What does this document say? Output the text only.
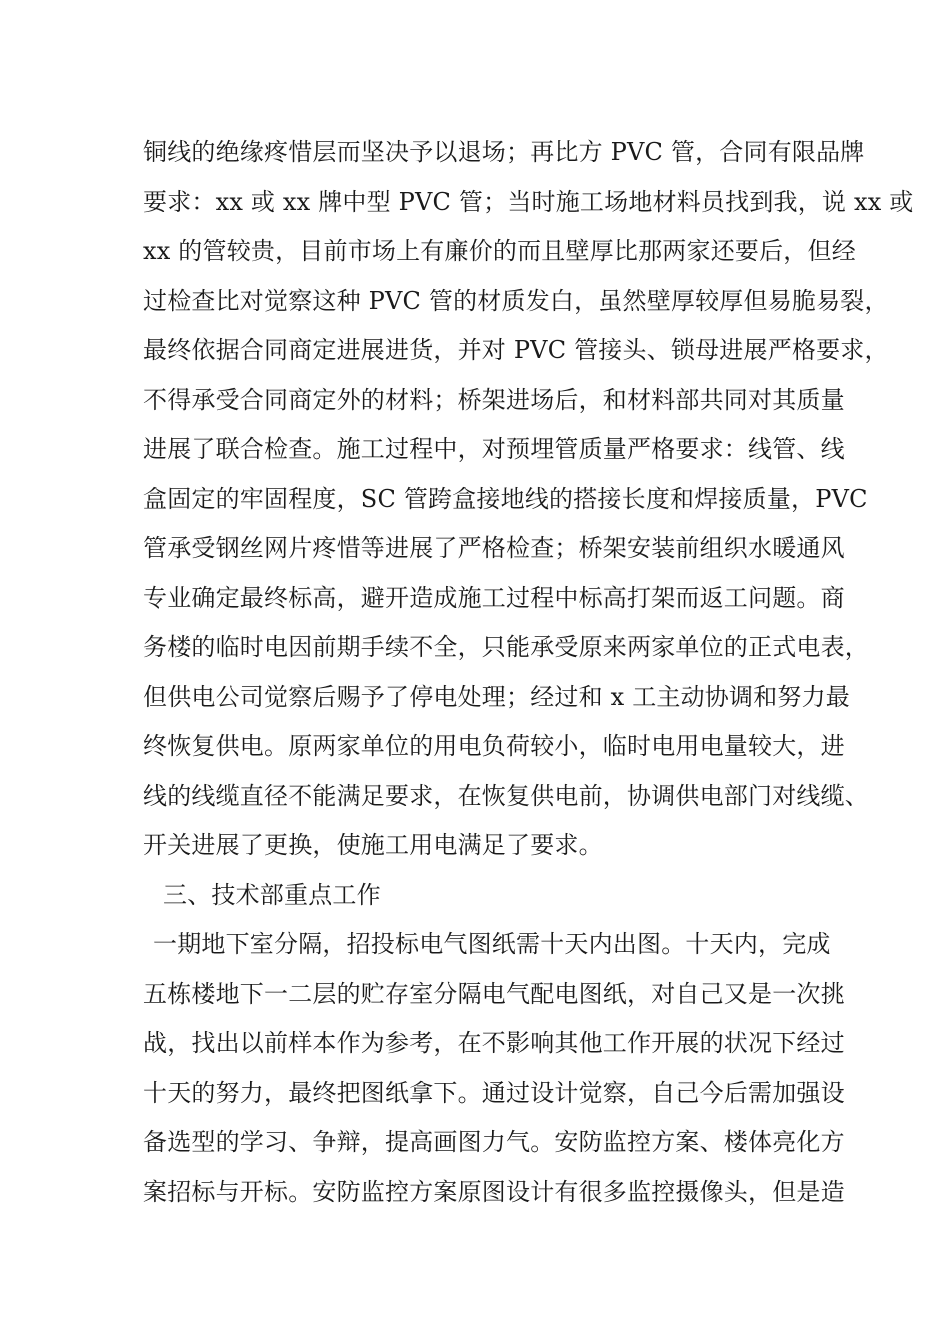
铜线的绝缘疼惜层而坚决予以退场；再比方 PVC 管，合同有限品牌
要求：xx 或 xx 牌中型 PVC 管；当时施工场地材料员找到我，说 xx 或
xx 的管较贵，目前市场上有廉价的而且壁厚比那两家还要后，但经
过检查比对觉察这种 PVC 管的材质发白，虽然壁厚较厚但易脆易裂，
最终依据合同商定进展进货，并对 PVC 管接头、锁母进展严格要求，
不得承受合同商定外的材料；桥架进场后，和材料部共同对其质量
进展了联合检查。施工过程中，对预埋管质量严格要求：线管、线
盒固定的牢固程度，SC 管跨盒接地线的搭接长度和焊接质量，PVC
管承受钢丝网片疼惜等进展了严格检查；桥架安装前组织水暖通风
专业确定最终标高，避开造成施工过程中标高打架而返工问题。商
务楼的临时电因前期手续不全，只能承受原来两家单位的正式电表，
但供电公司觉察后赐予了停电处理；经过和 x 工主动协调和努力最
终恢复供电。原两家单位的用电负荷较小，临时电用电量较大，进
线的线缆直径不能满足要求，在恢复供电前，协调供电部门对线缆、
开关进展了更换，使施工用电满足了要求。
三、技术部重点工作
一期地下室分隔，招投标电气图纸需十天内出图。十天内，完成
五栋楼地下一二层的贮存室分隔电气配电图纸，对自己又是一次挑
战，找出以前样本作为参考，在不影响其他工作开展的状况下经过
十天的努力，最终把图纸拿下。通过设计觉察，自己今后需加强设
备选型的学习、争辩，提高画图力气。安防监控方案、楼体亮化方
案招标与开标。安防监控方案原图设计有很多监控摄像头，但是造
